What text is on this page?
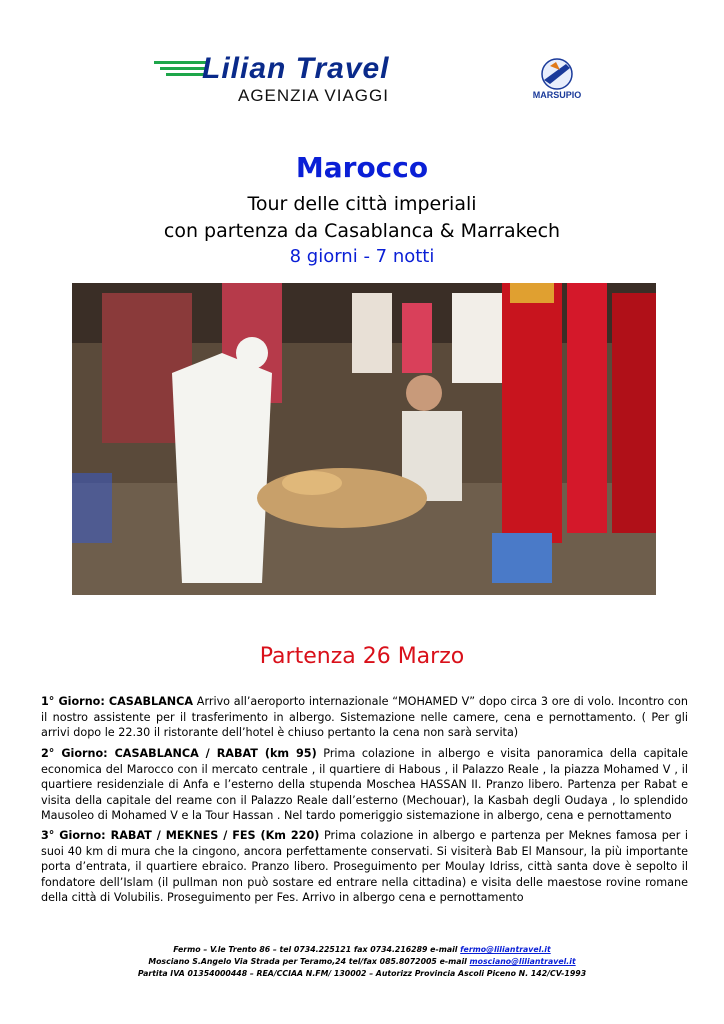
Lilian Travel
AGENZIA VIAGGI	MARSUPIO
Marocco
Tour delle città imperiali
con partenza da Casablanca & Marrakech
8 giorni - 7 notti
Partenza 26 Marzo

1° Giorno: CASABLANCA Arrivo all’aeroporto internazionale “MOHAMED V” dopo circa 3 ore di volo. Incontro con il nostro assistente per il trasferimento in albergo. Sistemazione nelle camere, cena e pernottamento. ( Per gli arrivi dopo le 22.30 il ristorante dell’hotel è chiuso pertanto la cena non sarà servita)

2° Giorno: CASABLANCA / RABAT (km 95) Prima colazione in albergo e visita panoramica della capitale economica del Marocco con il mercato centrale , il quartiere di Habous , il Palazzo Reale , la piazza Mohamed V , il quartiere residenziale di Anfa e l’esterno della stupenda Moschea HASSAN II. Pranzo libero. Partenza per Rabat e visita della capitale del reame con il Palazzo Reale dall’esterno (Mechouar), la Kasbah degli Oudaya , lo splendido Mausoleo di Mohamed V e la Tour Hassan . Nel tardo pomeriggio sistemazione in albergo, cena e pernottamento

3° Giorno: RABAT / MEKNES / FES (Km 220) Prima colazione in albergo e partenza per Meknes famosa per i suoi 40 km di mura che la cingono, ancora perfettamente conservati. Si visiterà Bab El Mansour, la più importante porta d’entrata, il quartiere ebraico. Pranzo libero. Proseguimento per Moulay Idriss, città santa dove è sepolto il fondatore dell’Islam (il pullman non può sostare ed entrare nella cittadina) e visita delle maestose rovine romane della città di Volubilis. Proseguimento per Fes. Arrivo in albergo cena e pernottamento

Fermo – V.le Trento 86 – tel 0734.225121 fax 0734.216289 e-mail fermo@liliantravel.it
Mosciano S.Angelo Via Strada per Teramo,24 tel/fax 085.8072005 e-mail mosciano@liliantravel.it
Partita IVA 01354000448 – REA/CCIAA N.FM/ 130002 – Autorizz Provincia Ascoli Piceno N. 142/CV-1993
